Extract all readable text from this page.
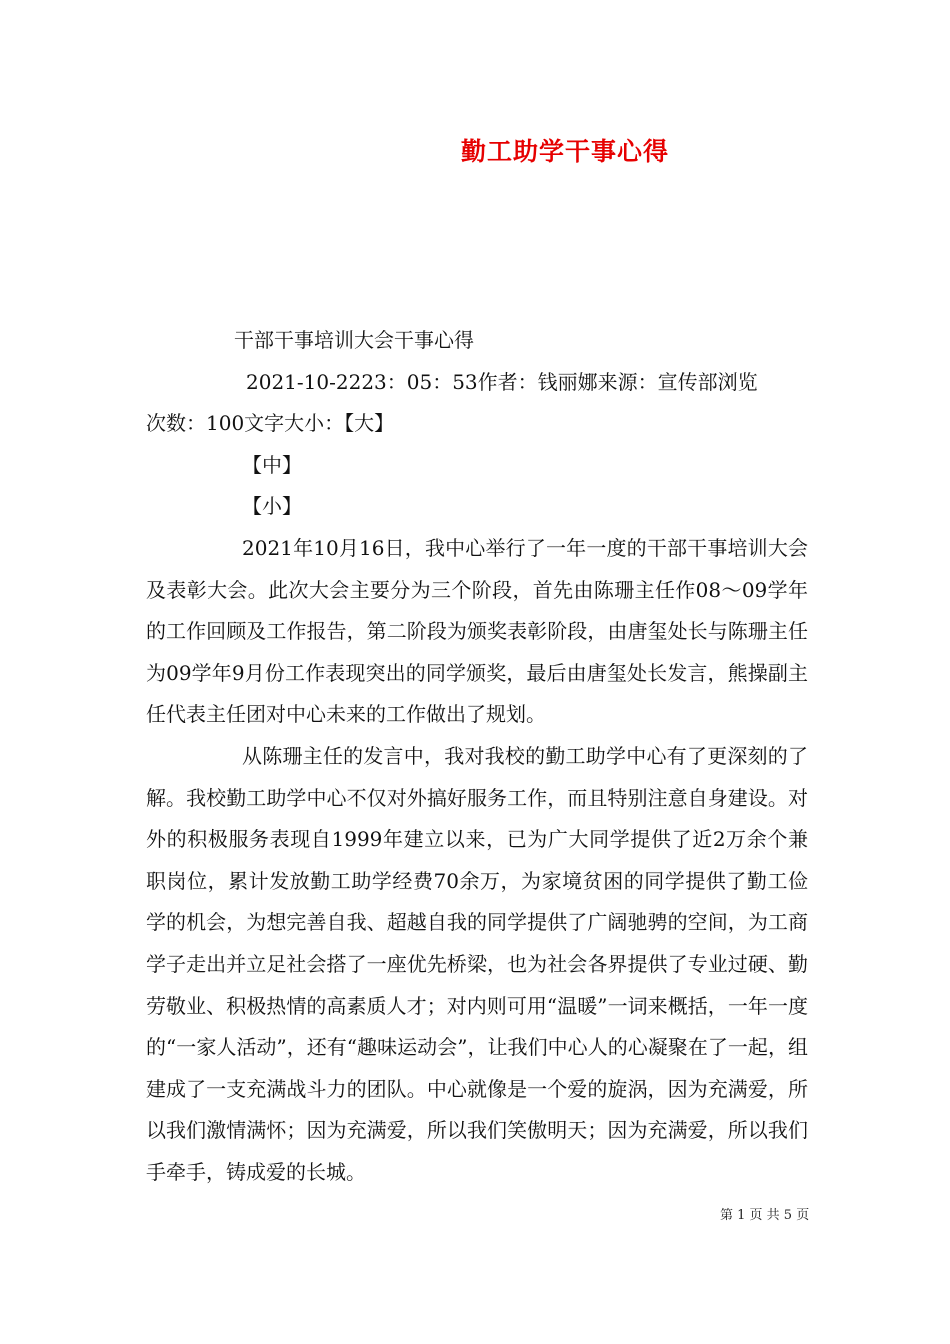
勤工助学干事心得
干部干事培训大会干事心得
2021-10-2223：05：53作者：钱丽娜来源：宣传部浏览
次数：100文字大小：【大】
【中】
【小】

2021年10月16日，我中心举行了一年一度的干部干事培训大会及表彰大会。此次大会主要分为三个阶段，首先由陈珊主任作08～09学年的工作回顾及工作报告，第二阶段为颁奖表彰阶段，由唐玺处长与陈珊主任为09学年9月份工作表现突出的同学颁奖，最后由唐玺处长发言，熊操副主任代表主任团对中心未来的工作做出了规划。

从陈珊主任的发言中，我对我校的勤工助学中心有了更深刻的了解。我校勤工助学中心不仅对外搞好服务工作，而且特别注意自身建设。对外的积极服务表现自1999年建立以来，已为广大同学提供了近2万余个兼职岗位，累计发放勤工助学经费70余万，为家境贫困的同学提供了勤工俭学的机会，为想完善自我、超越自我的同学提供了广阔驰骋的空间，为工商学子走出并立足社会搭了一座优先桥梁，也为社会各界提供了专业过硬、勤劳敬业、积极热情的高素质人才；对内则可用“温暖”一词来概括，一年一度的“一家人活动”，还有“趣味运动会”，让我们中心人的心凝聚在了一起，组建成了一支充满战斗力的团队。中心就像是一个爱的旋涡，因为充满爱，所以我们激情满怀；因为充满爱，所以我们笑傲明天；因为充满爱，所以我们手牵手，铸成爱的长城。

第 1 页 共 5 页
